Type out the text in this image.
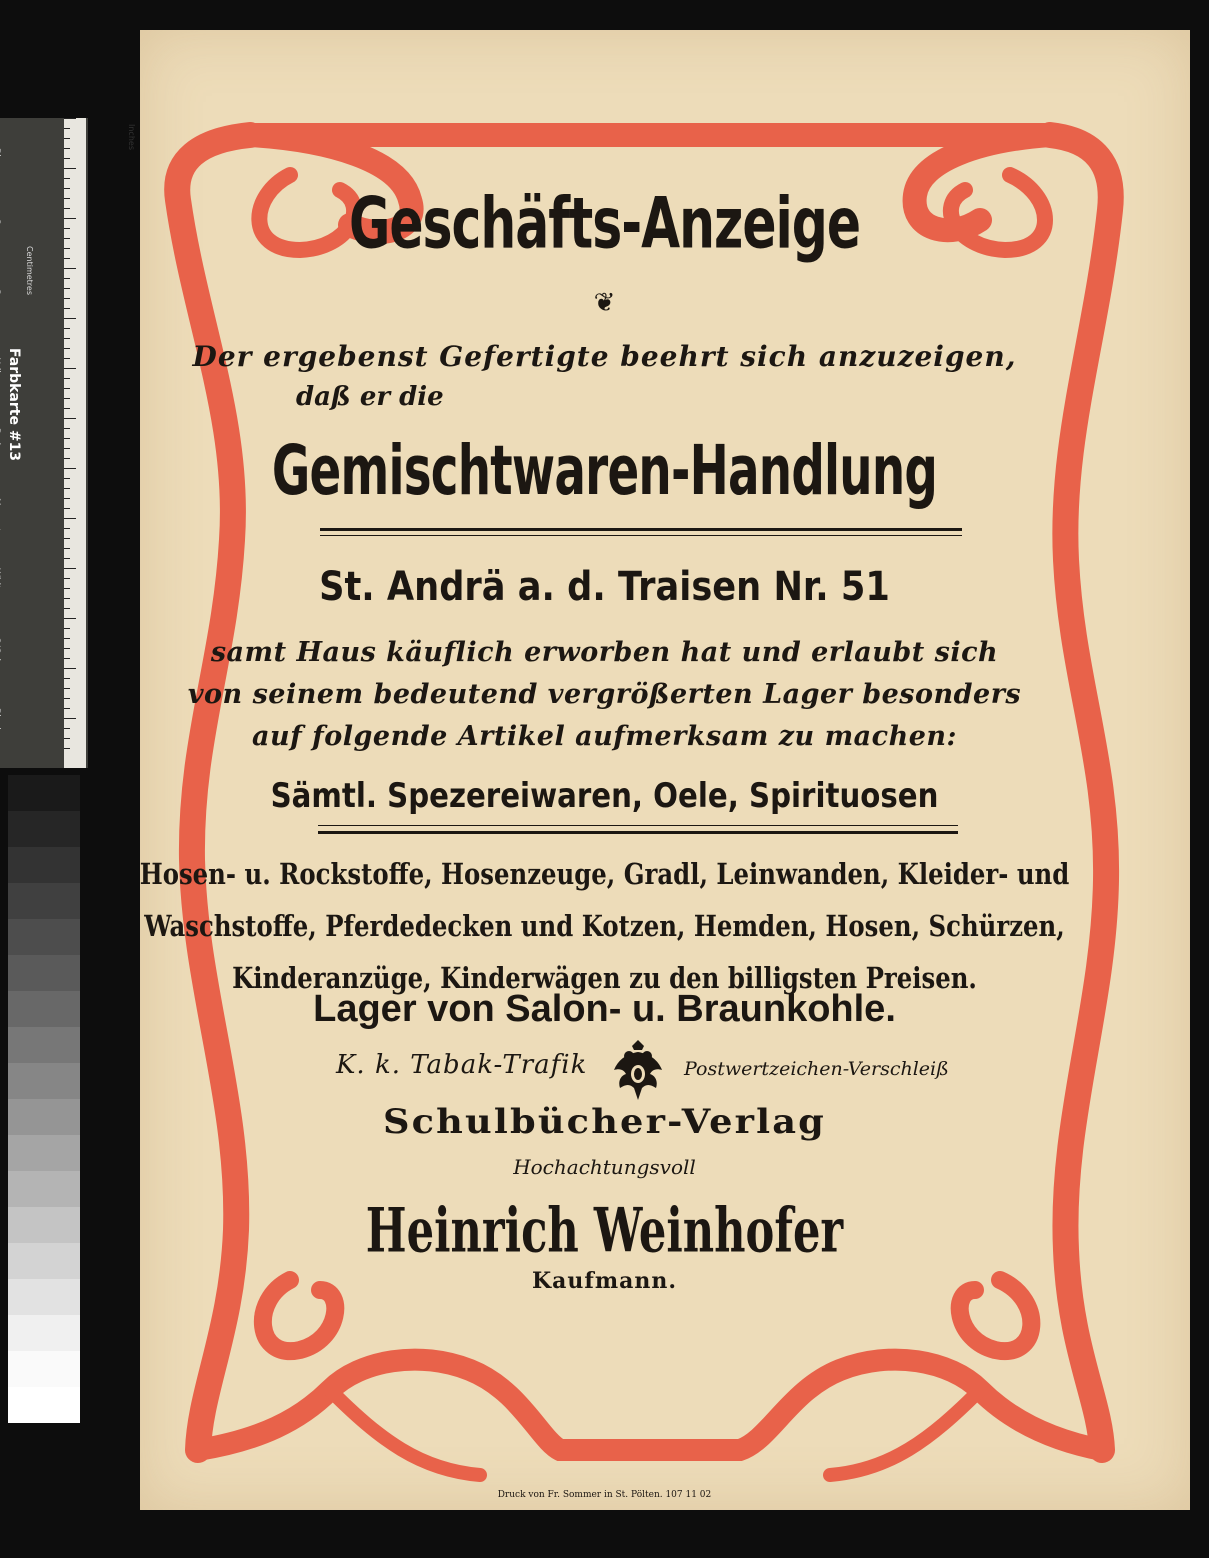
Farbkarte #13
Centimetres
Inches
Geschäfts-Anzeige
❦
Der ergebenst Gefertigte beehrt sich anzuzeigen,
daß er die
Gemischtwaren-Handlung
St. Andrä a. d. Traisen Nr. 51
samt Haus käuflich erworben hat und erlaubt sich
von seinem bedeutend vergrößerten Lager besonders
auf folgende Artikel aufmerksam zu machen:
Sämtl. Spezereiwaren, Oele, Spirituosen
Hosen- u. Rockstoffe, Hosenzeuge, Gradl, Leinwanden, Kleider- und
Waschstoffe, Pferdedecken und Kotzen, Hemden, Hosen, Schürzen,
Kinderanzüge, Kinderwägen zu den billigsten Preisen.
Lager von Salon- u. Braunkohle.
K. k. Tabak-Trafik	Postwertzeichen-Verschleiß
Schulbücher-Verlag
Hochachtungsvoll
Heinrich Weinhofer
Kaufmann.
Druck von Fr. Sommer in St. Pölten. 107 11 02
